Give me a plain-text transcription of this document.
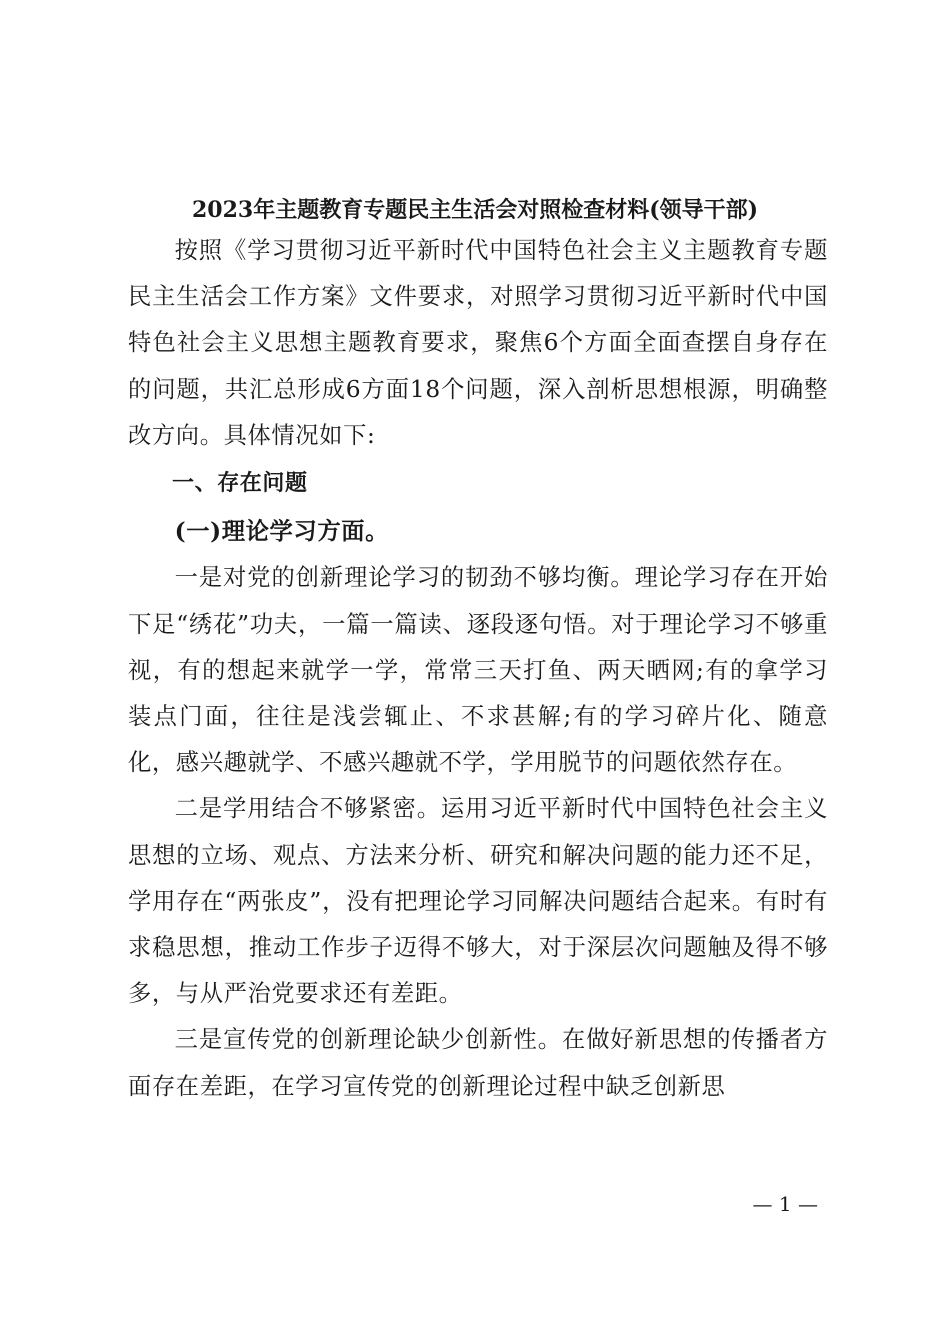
2023年主题教育专题民主生活会对照检查材料(领导干部)

按照《学习贯彻习近平新时代中国特色社会主义主题教育专题民主生活会工作方案》文件要求，对照学习贯彻习近平新时代中国特色社会主义思想主题教育要求，聚焦6个方面全面查摆自身存在的问题，共汇总形成6方面18个问题，深入剖析思想根源，明确整改方向。具体情况如下:

一、存在问题

(一)理论学习方面。

一是对党的创新理论学习的韧劲不够均衡。理论学习存在开始下足“绣花”功夫，一篇一篇读、逐段逐句悟。对于理论学习不够重视，有的想起来就学一学，常常三天打鱼、两天晒网;有的拿学习装点门面，往往是浅尝辄止、不求甚解;有的学习碎片化、随意化，感兴趣就学、不感兴趣就不学，学用脱节的问题依然存在。

二是学用结合不够紧密。运用习近平新时代中国特色社会主义思想的立场、观点、方法来分析、研究和解决问题的能力还不足，学用存在“两张皮”，没有把理论学习同解决问题结合起来。有时有求稳思想，推动工作步子迈得不够大，对于深层次问题触及得不够多，与从严治党要求还有差距。

三是宣传党的创新理论缺少创新性。在做好新思想的传播者方面存在差距，在学习宣传党的创新理论过程中缺乏创新思

— 1 —
